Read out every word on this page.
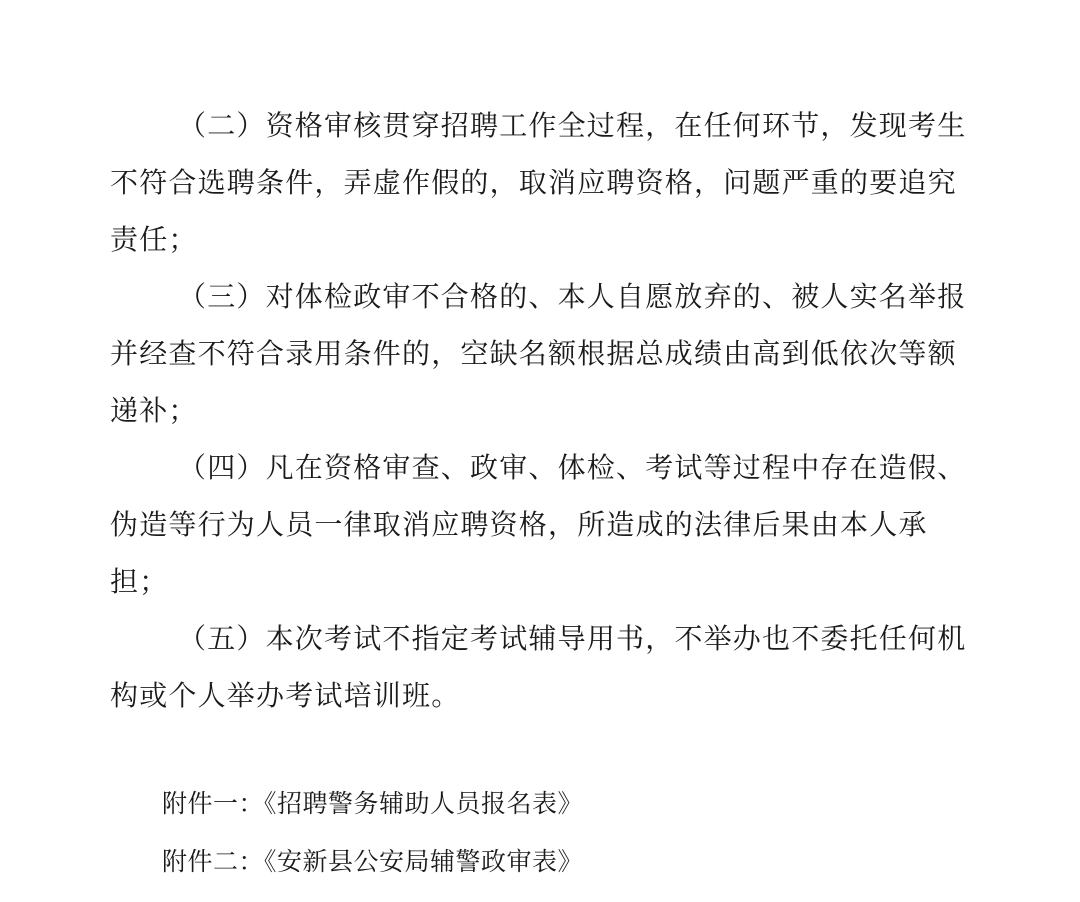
（二）资格审核贯穿招聘工作全过程，在任何环节，发现考生
不符合选聘条件，弄虚作假的，取消应聘资格，问题严重的要追究
责任；
（三）对体检政审不合格的、本人自愿放弃的、被人实名举报
并经查不符合录用条件的，空缺名额根据总成绩由高到低依次等额
递补；
（四）凡在资格审查、政审、体检、考试等过程中存在造假、
伪造等行为人员一律取消应聘资格，所造成的法律后果由本人承
担；
（五）本次考试不指定考试辅导用书，不举办也不委托任何机
构或个人举办考试培训班。
附件一：《招聘警务辅助人员报名表》
附件二：《安新县公安局辅警政审表》
